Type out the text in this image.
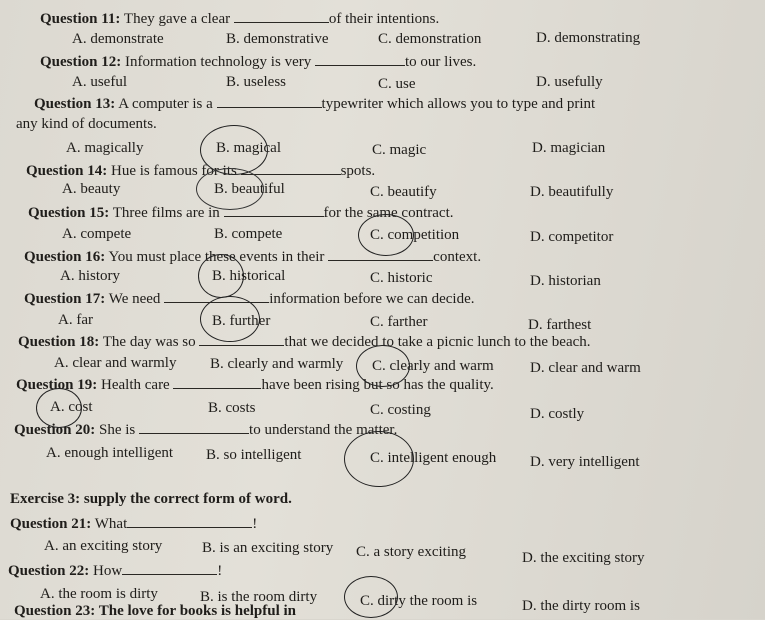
Question 11: They gave a clear	of their intentions.
A. demonstrate	B. demonstrative	C. demonstration	D. demonstrating
Question 12: Information technology is very	to our lives.
A. useful	B. useless	C. use	D. usefully
Question 13: A computer is a	typewriter which allows you to type and print
any kind of documents.
A. magically	B. magical	C. magic	D. magician
Question 14: Hue is famous for its	spots.
A. beauty	B. beautiful	C. beautify	D. beautifully
Question 15: Three films are in	for the same contract.
A. compete	B. compete	C. competition	D. competitor
Question 16: You must place these events in their	context.
A. history	B. historical	C. historic	D. historian
Question 17: We need	information before we can decide.
A. far	B. further	C. farther	D. farthest
Question 18: The day was so	that we decided to take a picnic lunch to the beach.
A. clear and warmly B. clearly and warmly C. clearly and warm D. clear and warm
Question 19: Health care	have been rising but so has the quality.
A. cost	B. costs	C. costing	D. costly
Question 20: She is	to understand the matter.
A. enough intelligent B. so intelligent	C. intelligent enough D. very intelligent
Exercise 3: supply the correct form of word.
Question 21: What	!
A. an exciting story	B. is an exciting story C. a story exciting	D. the exciting story
Question 22: How	!
A. the room is dirty	B. is the room dirty	C. dirty the room is	D. the dirty room is
Question 23: The love for books is helpful in
